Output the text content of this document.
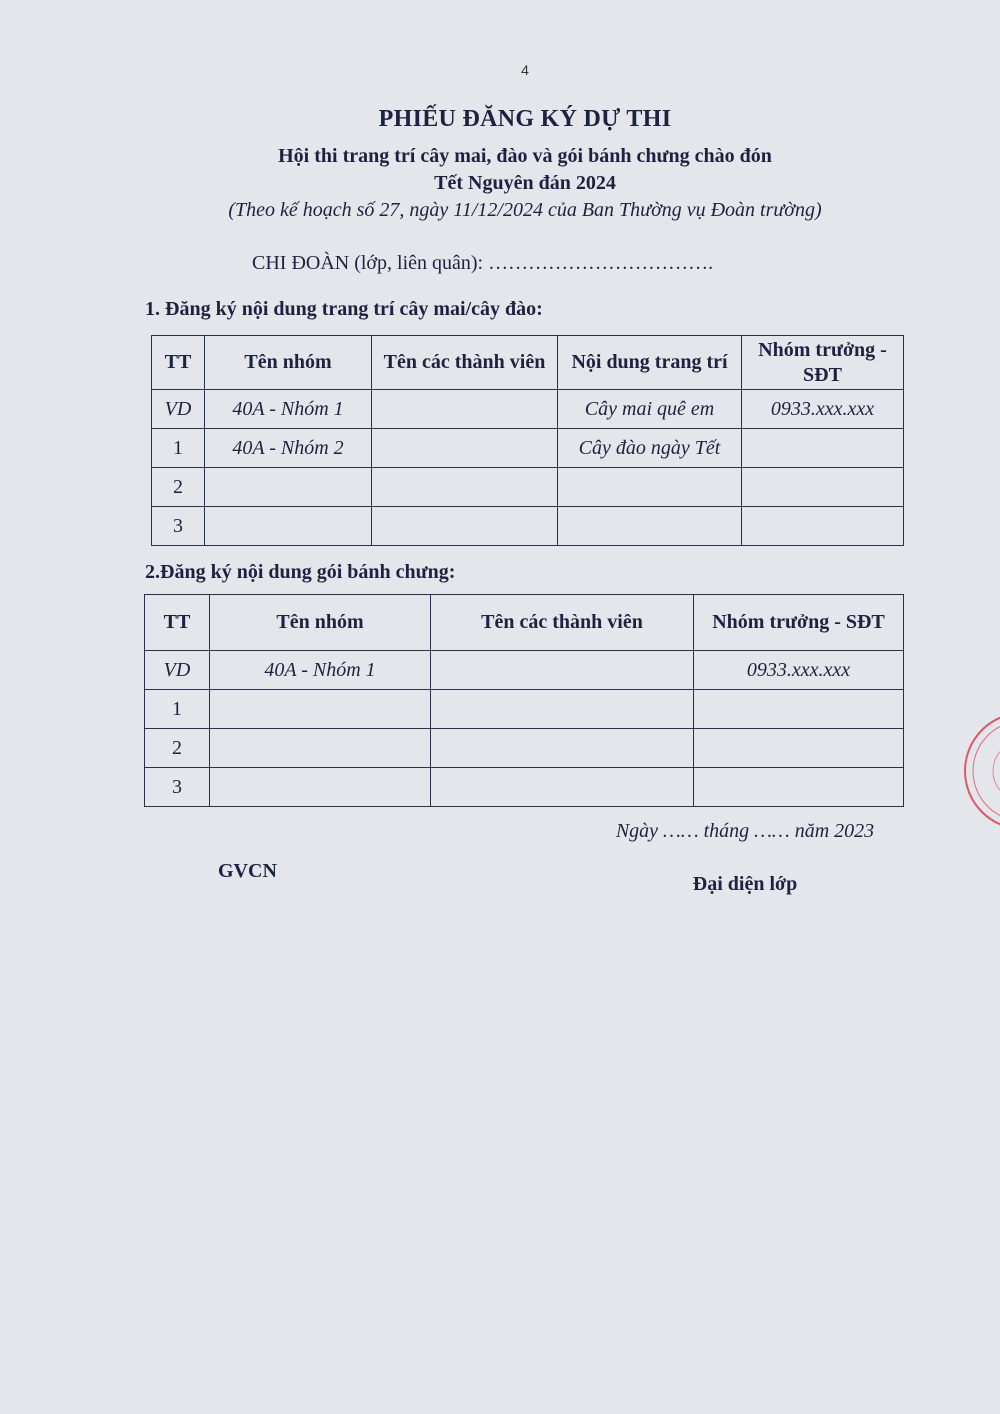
4
PHIẾU ĐĂNG KÝ DỰ THI
Hội thi trang trí cây mai, đào và gói bánh chưng chào đón
Tết Nguyên đán 2024
(Theo kế hoạch số 27, ngày 11/12/2024 của Ban Thường vụ Đoàn trường)
CHI ĐOÀN (lớp, liên quân): …………………………….
1. Đăng ký nội dung trang trí cây mai/cây đào:
TT	Tên nhóm	Tên các thành viên	Nội dung trang trí	Nhóm trưởng - SĐT
VD	40A - Nhóm 1		Cây mai quê em	0933.xxx.xxx
1	40A - Nhóm 2		Cây đào ngày Tết	
2				
3				
2.Đăng ký nội dung gói bánh chưng:
TT	Tên nhóm	Tên các thành viên	Nhóm trưởng - SĐT
VD	40A - Nhóm 1		0933.xxx.xxx
1			
2			
3			
Ngày …… tháng …… năm 2023
Đại diện lớp
GVCN
